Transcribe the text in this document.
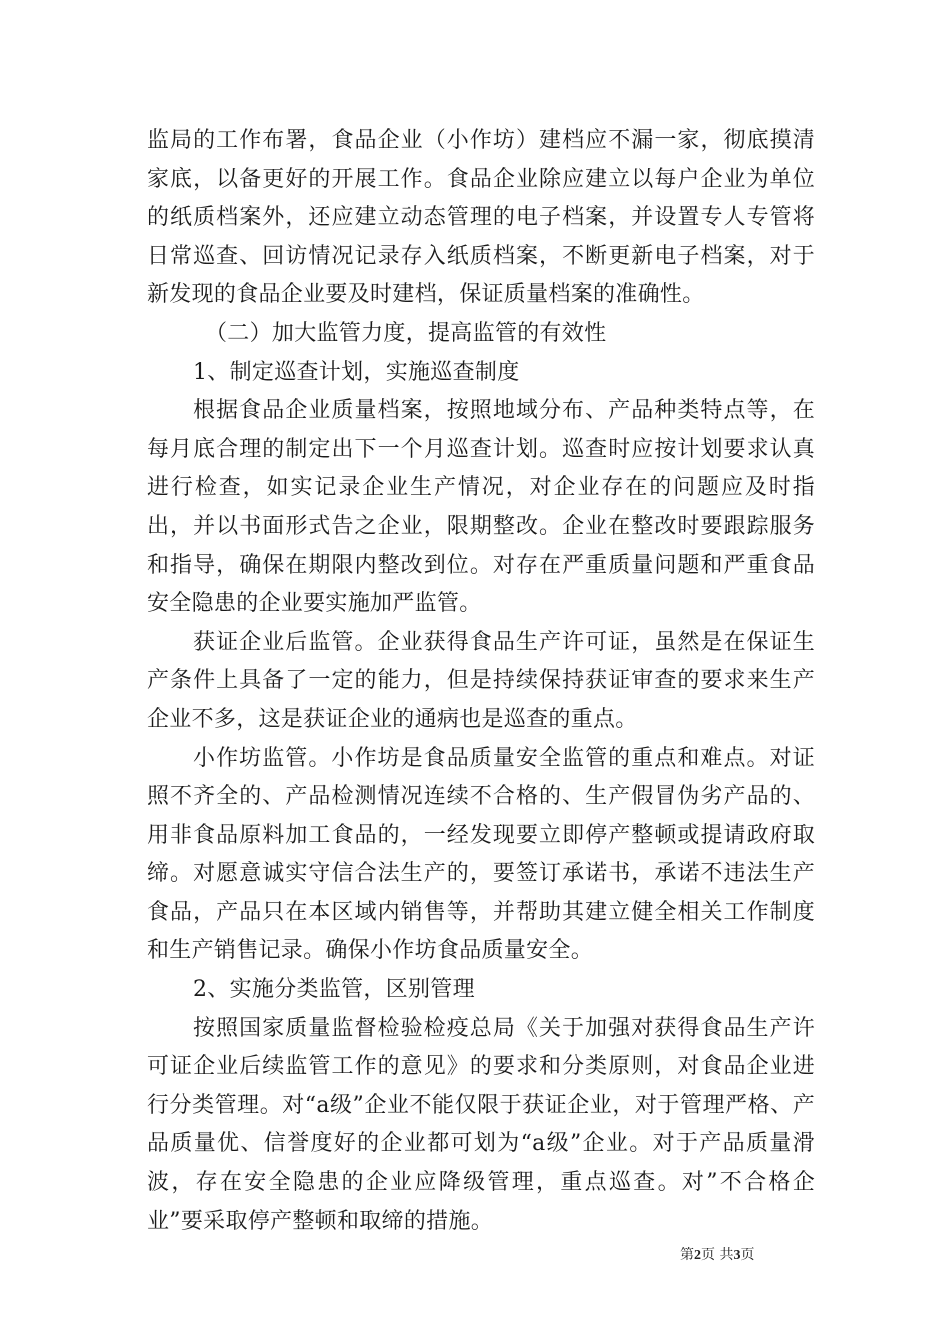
监局的工作布署，食品企业（小作坊）建档应不漏一家，彻底摸清家底，以备更好的开展工作。食品企业除应建立以每户企业为单位的纸质档案外，还应建立动态管理的电子档案，并设置专人专管将日常巡查、回访情况记录存入纸质档案，不断更新电子档案，对于新发现的食品企业要及时建档，保证质量档案的准确性。

（二）加大监管力度，提高监管的有效性

1、制定巡查计划，实施巡查制度

根据食品企业质量档案，按照地域分布、产品种类特点等，在每月底合理的制定出下一个月巡查计划。巡查时应按计划要求认真进行检查，如实记录企业生产情况，对企业存在的问题应及时指出，并以书面形式告之企业，限期整改。企业在整改时要跟踪服务和指导，确保在期限内整改到位。对存在严重质量问题和严重食品安全隐患的企业要实施加严监管。

获证企业后监管。企业获得食品生产许可证，虽然是在保证生产条件上具备了一定的能力，但是持续保持获证审查的要求来生产企业不多，这是获证企业的通病也是巡查的重点。

小作坊监管。小作坊是食品质量安全监管的重点和难点。对证照不齐全的、产品检测情况连续不合格的、生产假冒伪劣产品的、用非食品原料加工食品的，一经发现要立即停产整顿或提请政府取缔。对愿意诚实守信合法生产的，要签订承诺书，承诺不违法生产食品，产品只在本区域内销售等，并帮助其建立健全相关工作制度和生产销售记录。确保小作坊食品质量安全。

2、实施分类监管，区别管理

按照国家质量监督检验检疫总局《关于加强对获得食品生产许可证企业后续监管工作的意见》的要求和分类原则，对食品企业进行分类管理。对“a级”企业不能仅限于获证企业，对于管理严格、产品质量优、信誉度好的企业都可划为“a级”企业。对于产品质量滑波，存在安全隐患的企业应降级管理，重点巡查。对”不合格企业”要采取停产整顿和取缔的措施。

第2页 共3页
